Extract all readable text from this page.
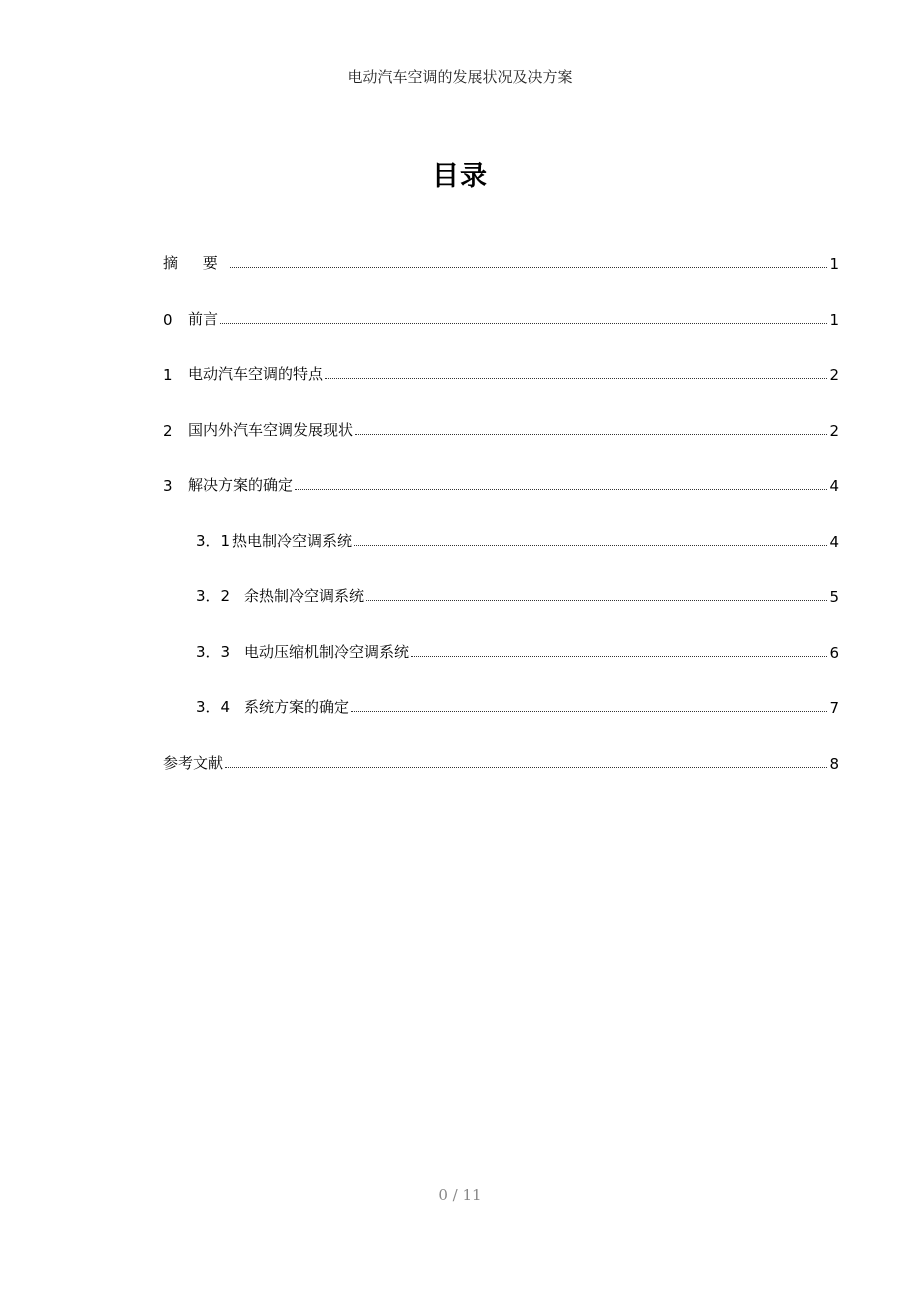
电动汽车空调的发展状况及决方案
目录
摘 要	1
0	前言	1
1	电动汽车空调的特点	2
2	国内外汽车空调发展现状	2
3	解决方案的确定	4
3．1 热电制冷空调系统	4
3．2 余热制冷空调系统	5
3．3 电动压缩机制冷空调系统	6
3．4 系统方案的确定	7
参考文献	8
0 / 11
